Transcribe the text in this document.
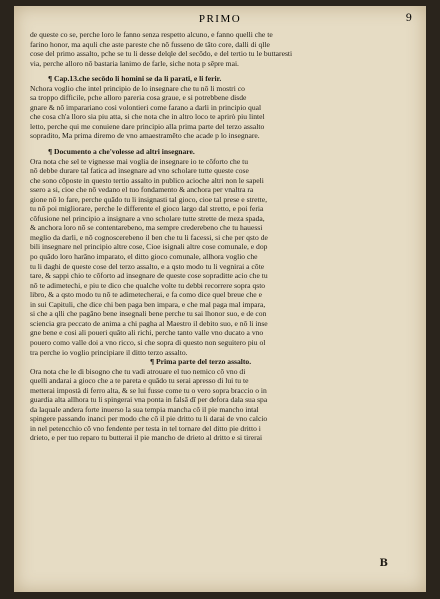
PRIMO	9
de queste co se, perche loro le fanno senza respetto alcuno, e fanno quelli che te
farino honor, ma aquli che aste pareste che nō fusseno de tāto core, dalli di qlle
cose del primo assalto, pche se tu li desse delqle del secōdo, e del tertio tu le buttaresti
via, perche alloro nō bastaria lanimo de farle, siche nota p sēpre mai.
¶ Cap.13.che secōdo li homini se da li parati, e li ferir.
Nchora voglio che intel principio de lo insegnare che tu nō li mostri co
sa troppo difficile, pche alloro pareria cosa graue, e si potrebbene disde
gnare & nō imparariano cosi volontieri come farano a darli in principio qual
che cosa ch'a lloro sia piu atta, si che nota che in altro loco te aprirò piu lintel
letto, perche qui me conuiene dare principio alla prima parte del terzo assalto
sopradito, Ma prima diremo de vno amaestramēto che acade p lo insegnare.
¶ Documento a che'volesse ad altri insegnare.
Ora nota che sel te vignesse mai voglia de insegnare io te cōforto che tu
nō debbe durare tal fatica ad insegnare ad vno scholare tutte queste cose
che sono cōposte in questo tertio assalto in publico acioche altri non le sapeli
ssero a si, cioe che nō vedano el tuo fondamento & anchora per vnaltra ra
gione nō lo fare, perche quādo tu li insignasti tal gioco, cioe tal prese e strette,
tu nō poi migliorare, perche le differente el gioco largo dal stretto, e poi feria
cōfusione nel principio a insignare a vno scholare tutte strette de meza spada,
& anchora loro nō se contentarebeno, ma sempre crederebeno che tu hauessi
meglio da darli, e nō cognoscerebeno il ben che tu li facessi, si che per qsto de
bili insegnare nel principio altre cose, Cioe isignali altre cose comunale, e dop
po quādo loro harāno imparato, el ditto gioco comunale, allhora voglio che
tu li daghi de queste cose del terzo assalto, e a qsto modo tu li vegnirai a cōte
tare, & sappi chio te cōforto ad insegnare de queste cose sopraditte acio che tu
nō te adimetechi, e piu te dico che qualche volte tu debbi recorrere sopra qsto
libro, & a qsto modo tu nō te adimetecherai, e fa como dice quel breue che e
in sui Capituli, che dice chi ben paga ben impara, e che mal paga mal impara,
si che a qlli che pagāno bene insegnali bene perche tu sai lhonor suo, e de con
sciencia gra peccato de anima a chi pagha al Maestro il debito suo, e nō li inse
gne bene e cosi ali poueri quāto ali richi, perche tanto valle vno ducato a vno
pouero como valle doi a vno ricco, si che sopra di questo non seguitero piu ol
tra perche io voglio principiare il ditto terzo assalto.
¶ Prima parte del terzo assalto.
Ora nota che le di bisogno che tu vadi atrouare el tuo nemico cō vno di
quelli andarai a gioco che a te pareta e quādo tu serai apresso di lui tu te
metterai impostà di ferro alta, & se lui fusse come tu o vero sopra braccio o in
guardia alta allhora tu li spingerai vna ponta in falsā dī per defora dala sua spa
da laquale andera forte inuerso la sua tempia mancha cō il pie mancho intal
spingere passando inanci per modo che cō il pie dritto tu li darai de vno calcio
in nel petencchio cō vno fendente per testa in tel tornare del ditto pie dritto i
drieto, e per tuo reparo tu butterai il pie mancho de drieto al dritto e si tirerai
B
